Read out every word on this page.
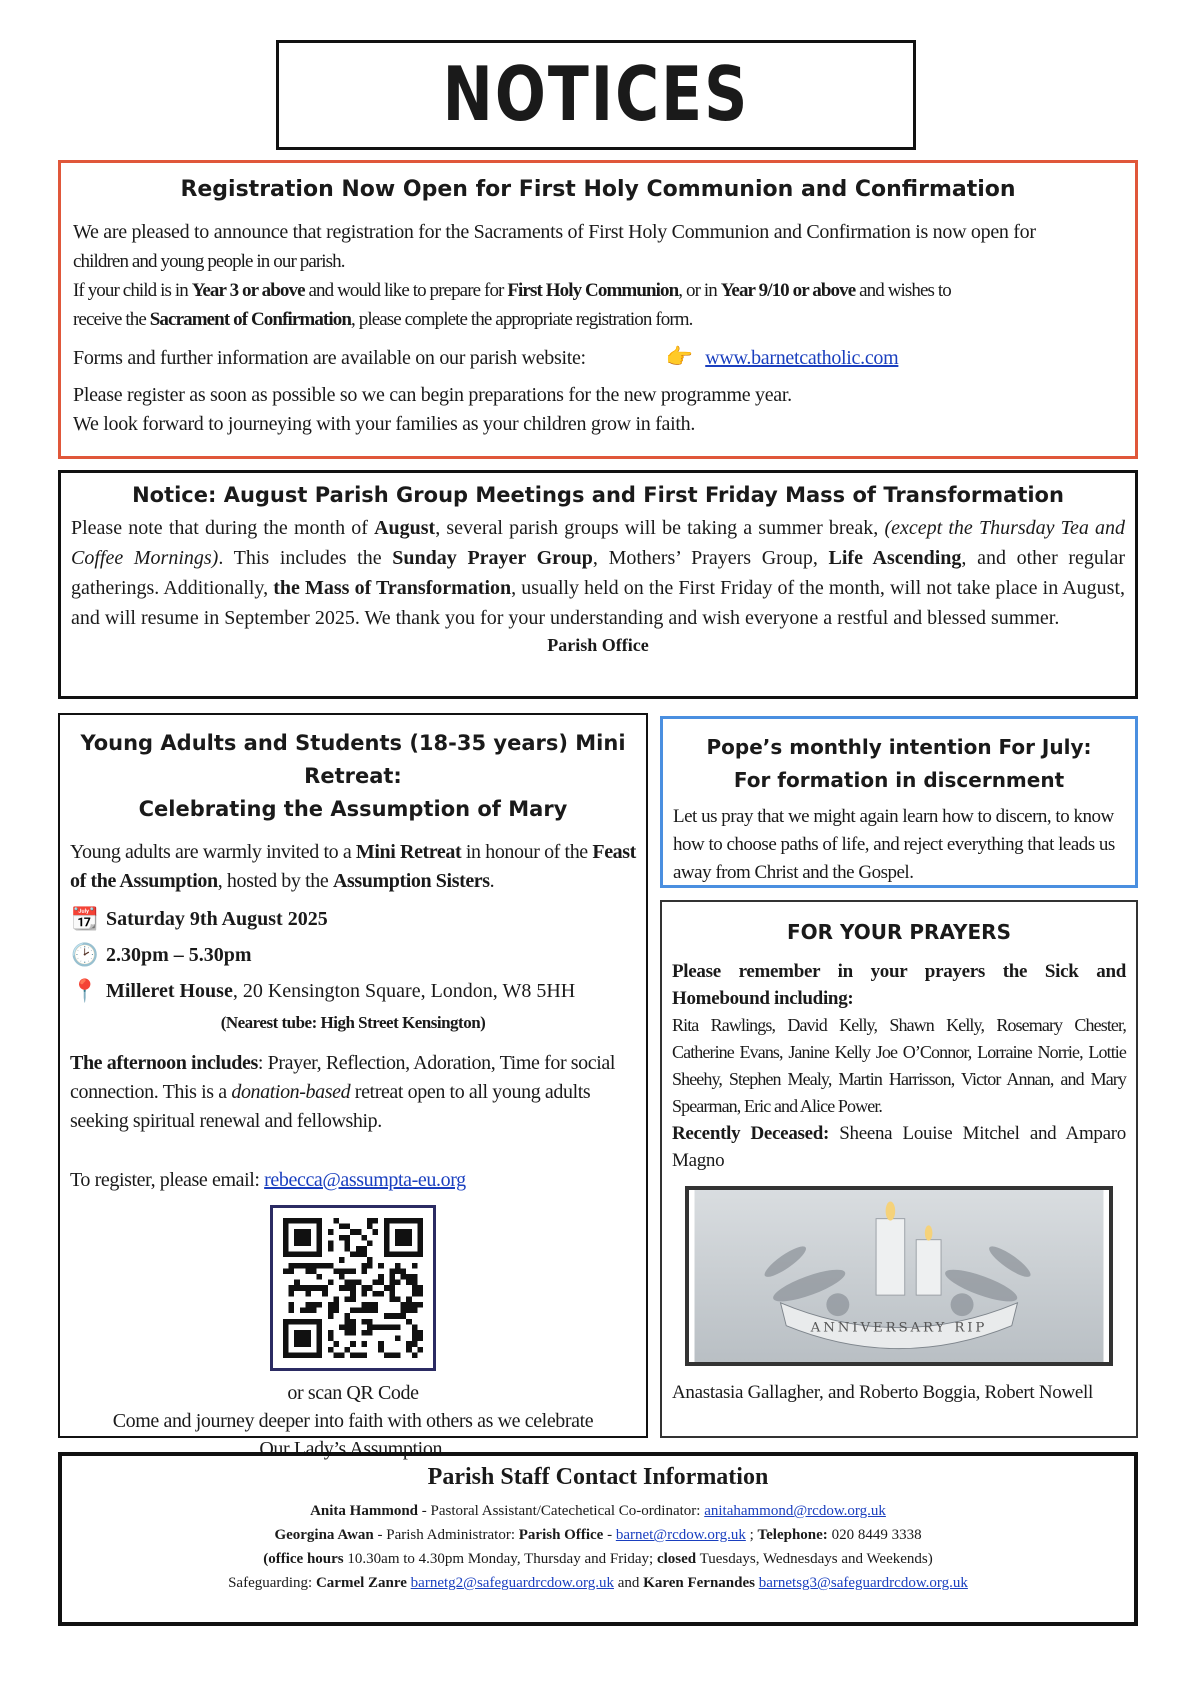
NOTICES
Registration Now Open for First Holy Communion and Confirmation

We are pleased to announce that registration for the Sacraments of First Holy Communion and Confirmation is now open for
children and young people in our parish.

If your child is in Year 3 or above and would like to prepare for First Holy Communion, or in Year 9/10 or above and wishes to
receive the Sacrament of Confirmation, please complete the appropriate registration form.

Forms and further information are available on our parish website:	👉 www.barnetcatholic.com

Please register as soon as possible so we can begin preparations for the new programme year.
We look forward to journeying with your families as your children grow in faith.

Notice: August Parish Group Meetings and First Friday Mass of Transformation

Please note that during the month of August, several parish groups will be taking a summer break, (except the Thursday Tea and Coffee Mornings). This includes the Sunday Prayer Group, Mothers’ Prayers Group, Life Ascending, and other regular gatherings. Additionally, the Mass of Transformation, usually held on the First Friday of the month, will not take place in August, and will resume in September 2025. We thank you for your understanding and wish everyone a restful and blessed summer.

Parish Office

Young Adults and Students (18-35 years) Mini Retreat:
Celebrating the Assumption of Mary

Young adults are warmly invited to a Mini Retreat in honour of the Feast of the Assumption, hosted by the Assumption Sisters.

📆 Saturday 9th August 2025
🕑 2.30pm – 5.30pm
📍 Milleret House, 20 Kensington Square, London, W8 5HH

(Nearest tube: High Street Kensington)

The afternoon includes: Prayer, Reflection, Adoration, Time for social connection. This is a donation-based retreat open to all young adults seeking spiritual renewal and fellowship.

To register, please email: rebecca@assumpta-eu.org

or scan QR Code
Come and journey deeper into faith with others as we celebrate
Our Lady’s Assumption.

Pope’s monthly intention For July:
For formation in discernment

Let us pray that we might again learn how to discern, to know how to choose paths of life, and reject everything that leads us away from Christ and the Gospel.

FOR YOUR PRAYERS

Please remember in your prayers the Sick and Homebound including:

Rita Rawlings, David Kelly, Shawn Kelly, Rosemary Chester, Catherine Evans, Janine Kelly Joe O’Connor, Lorraine Norrie, Lottie Sheehy, Stephen Mealy, Martin Harrisson, Victor Annan, and Mary Spearman, Eric and Alice Power.

Recently Deceased: Sheena Louise Mitchel and Amparo Magno

ANNIVERSARY RIP

Anastasia Gallagher, and Roberto Boggia, Robert Nowell

Parish Staff Contact Information

Anita Hammond - Pastoral Assistant/Catechetical Co-ordinator: anitahammond@rcdow.org.uk

Georgina Awan - Parish Administrator: Parish Office - barnet@rcdow.org.uk ; Telephone: 020 8449 3338
(office hours 10.30am to 4.30pm Monday, Thursday and Friday; closed Tuesdays, Wednesdays and Weekends)

Safeguarding: Carmel Zanre barnetg2@safeguardrcdow.org.uk and Karen Fernandes barnetsg3@safeguardrcdow.org.uk
